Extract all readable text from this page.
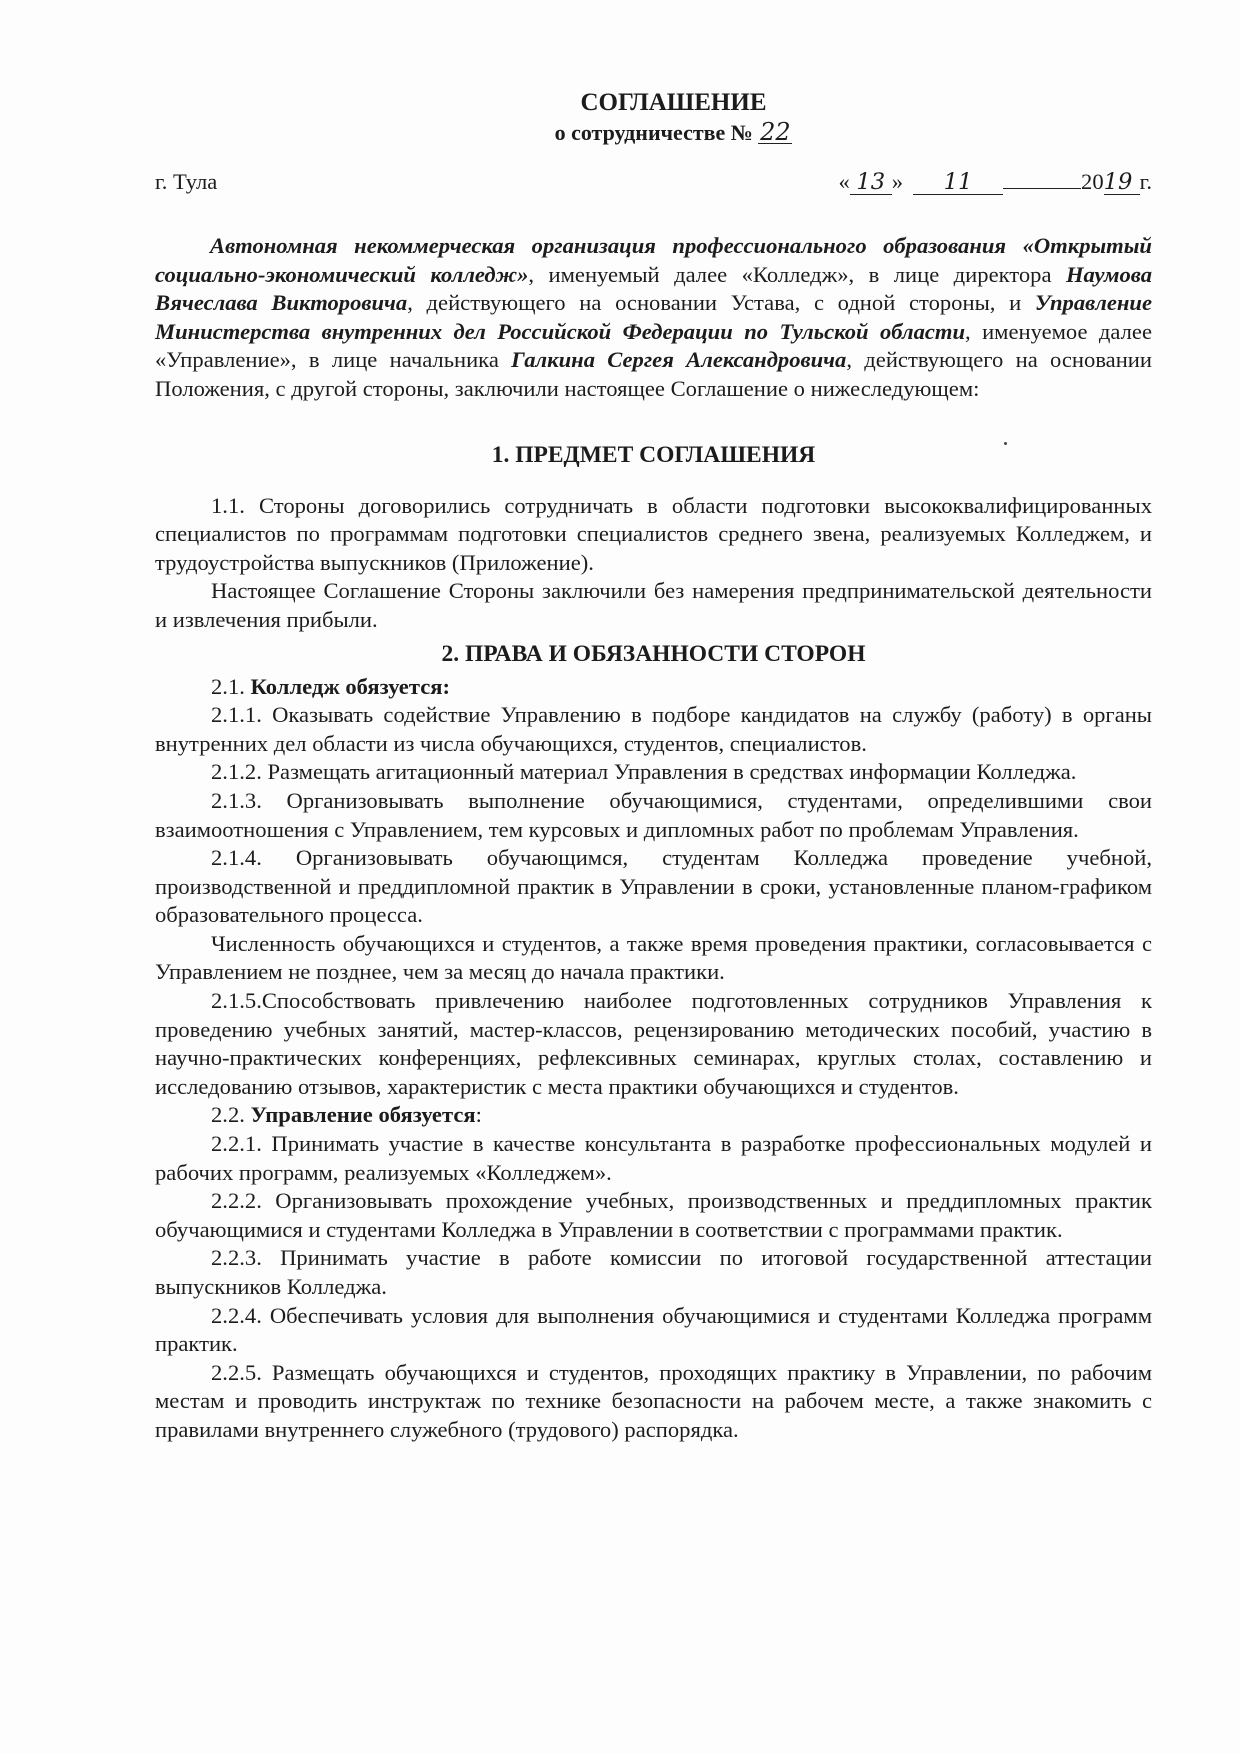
СОГЛАШЕНИЕ
о сотрудничестве № 22
г. Тула	« 13 » 11	2019 г.

Автономная некоммерческая организация профессионального образования «Открытый социально-экономический колледж», именуемый далее «Колледж», в лице директора Наумова Вячеслава Викторовича, действующего на основании Устава, с одной стороны, и Управление Министерства внутренних дел Российской Федерации по Тульской области, именуемое далее «Управление», в лице начальника Галкина Сергея Александровича, действующего на основании Положения, с другой стороны, заключили настоящее Соглашение о нижеследующем:

1. ПРЕДМЕТ СОГЛАШЕНИЯ

1.1. Стороны договорились сотрудничать в области подготовки высококвалифицированных специалистов по программам подготовки специалистов среднего звена, реализуемых Колледжем, и трудоустройства выпускников (Приложение).

Настоящее Соглашение Стороны заключили без намерения предпринимательской деятельности и извлечения прибыли.

2. ПРАВА И ОБЯЗАННОСТИ СТОРОН

2.1. Колледж обязуется:

2.1.1. Оказывать содействие Управлению в подборе кандидатов на службу (работу) в органы внутренних дел области из числа обучающихся, студентов, специалистов.

2.1.2. Размещать агитационный материал Управления в средствах информации Колледжа.

2.1.3. Организовывать выполнение обучающимися, студентами, определившими свои взаимоотношения с Управлением, тем курсовых и дипломных работ по проблемам Управления.

2.1.4. Организовывать обучающимся, студентам Колледжа проведение учебной, производственной и преддипломной практик в Управлении в сроки, установленные планом-графиком образовательного процесса.

Численность обучающихся и студентов, а также время проведения практики, согласовывается с Управлением не позднее, чем за месяц до начала практики.

2.1.5.Способствовать привлечению наиболее подготовленных сотрудников Управления к проведению учебных занятий, мастер-классов, рецензированию методических пособий, участию в научно-практических конференциях, рефлексивных семинарах, круглых столах, составлению и исследованию отзывов, характеристик с места практики обучающихся и студентов.

2.2. Управление обязуется:

2.2.1. Принимать участие в качестве консультанта в разработке профессиональных модулей и рабочих программ, реализуемых «Колледжем».

2.2.2. Организовывать прохождение учебных, производственных и преддипломных практик обучающимися и студентами Колледжа в Управлении в соответствии с программами практик.

2.2.3. Принимать участие в работе комиссии по итоговой государственной аттестации выпускников Колледжа.

2.2.4. Обеспечивать условия для выполнения обучающимися и студентами Колледжа программ практик.

2.2.5. Размещать обучающихся и студентов, проходящих практику в Управлении, по рабочим местам и проводить инструктаж по технике безопасности на рабочем месте, а также знакомить с правилами внутреннего служебного (трудового) распорядка.
